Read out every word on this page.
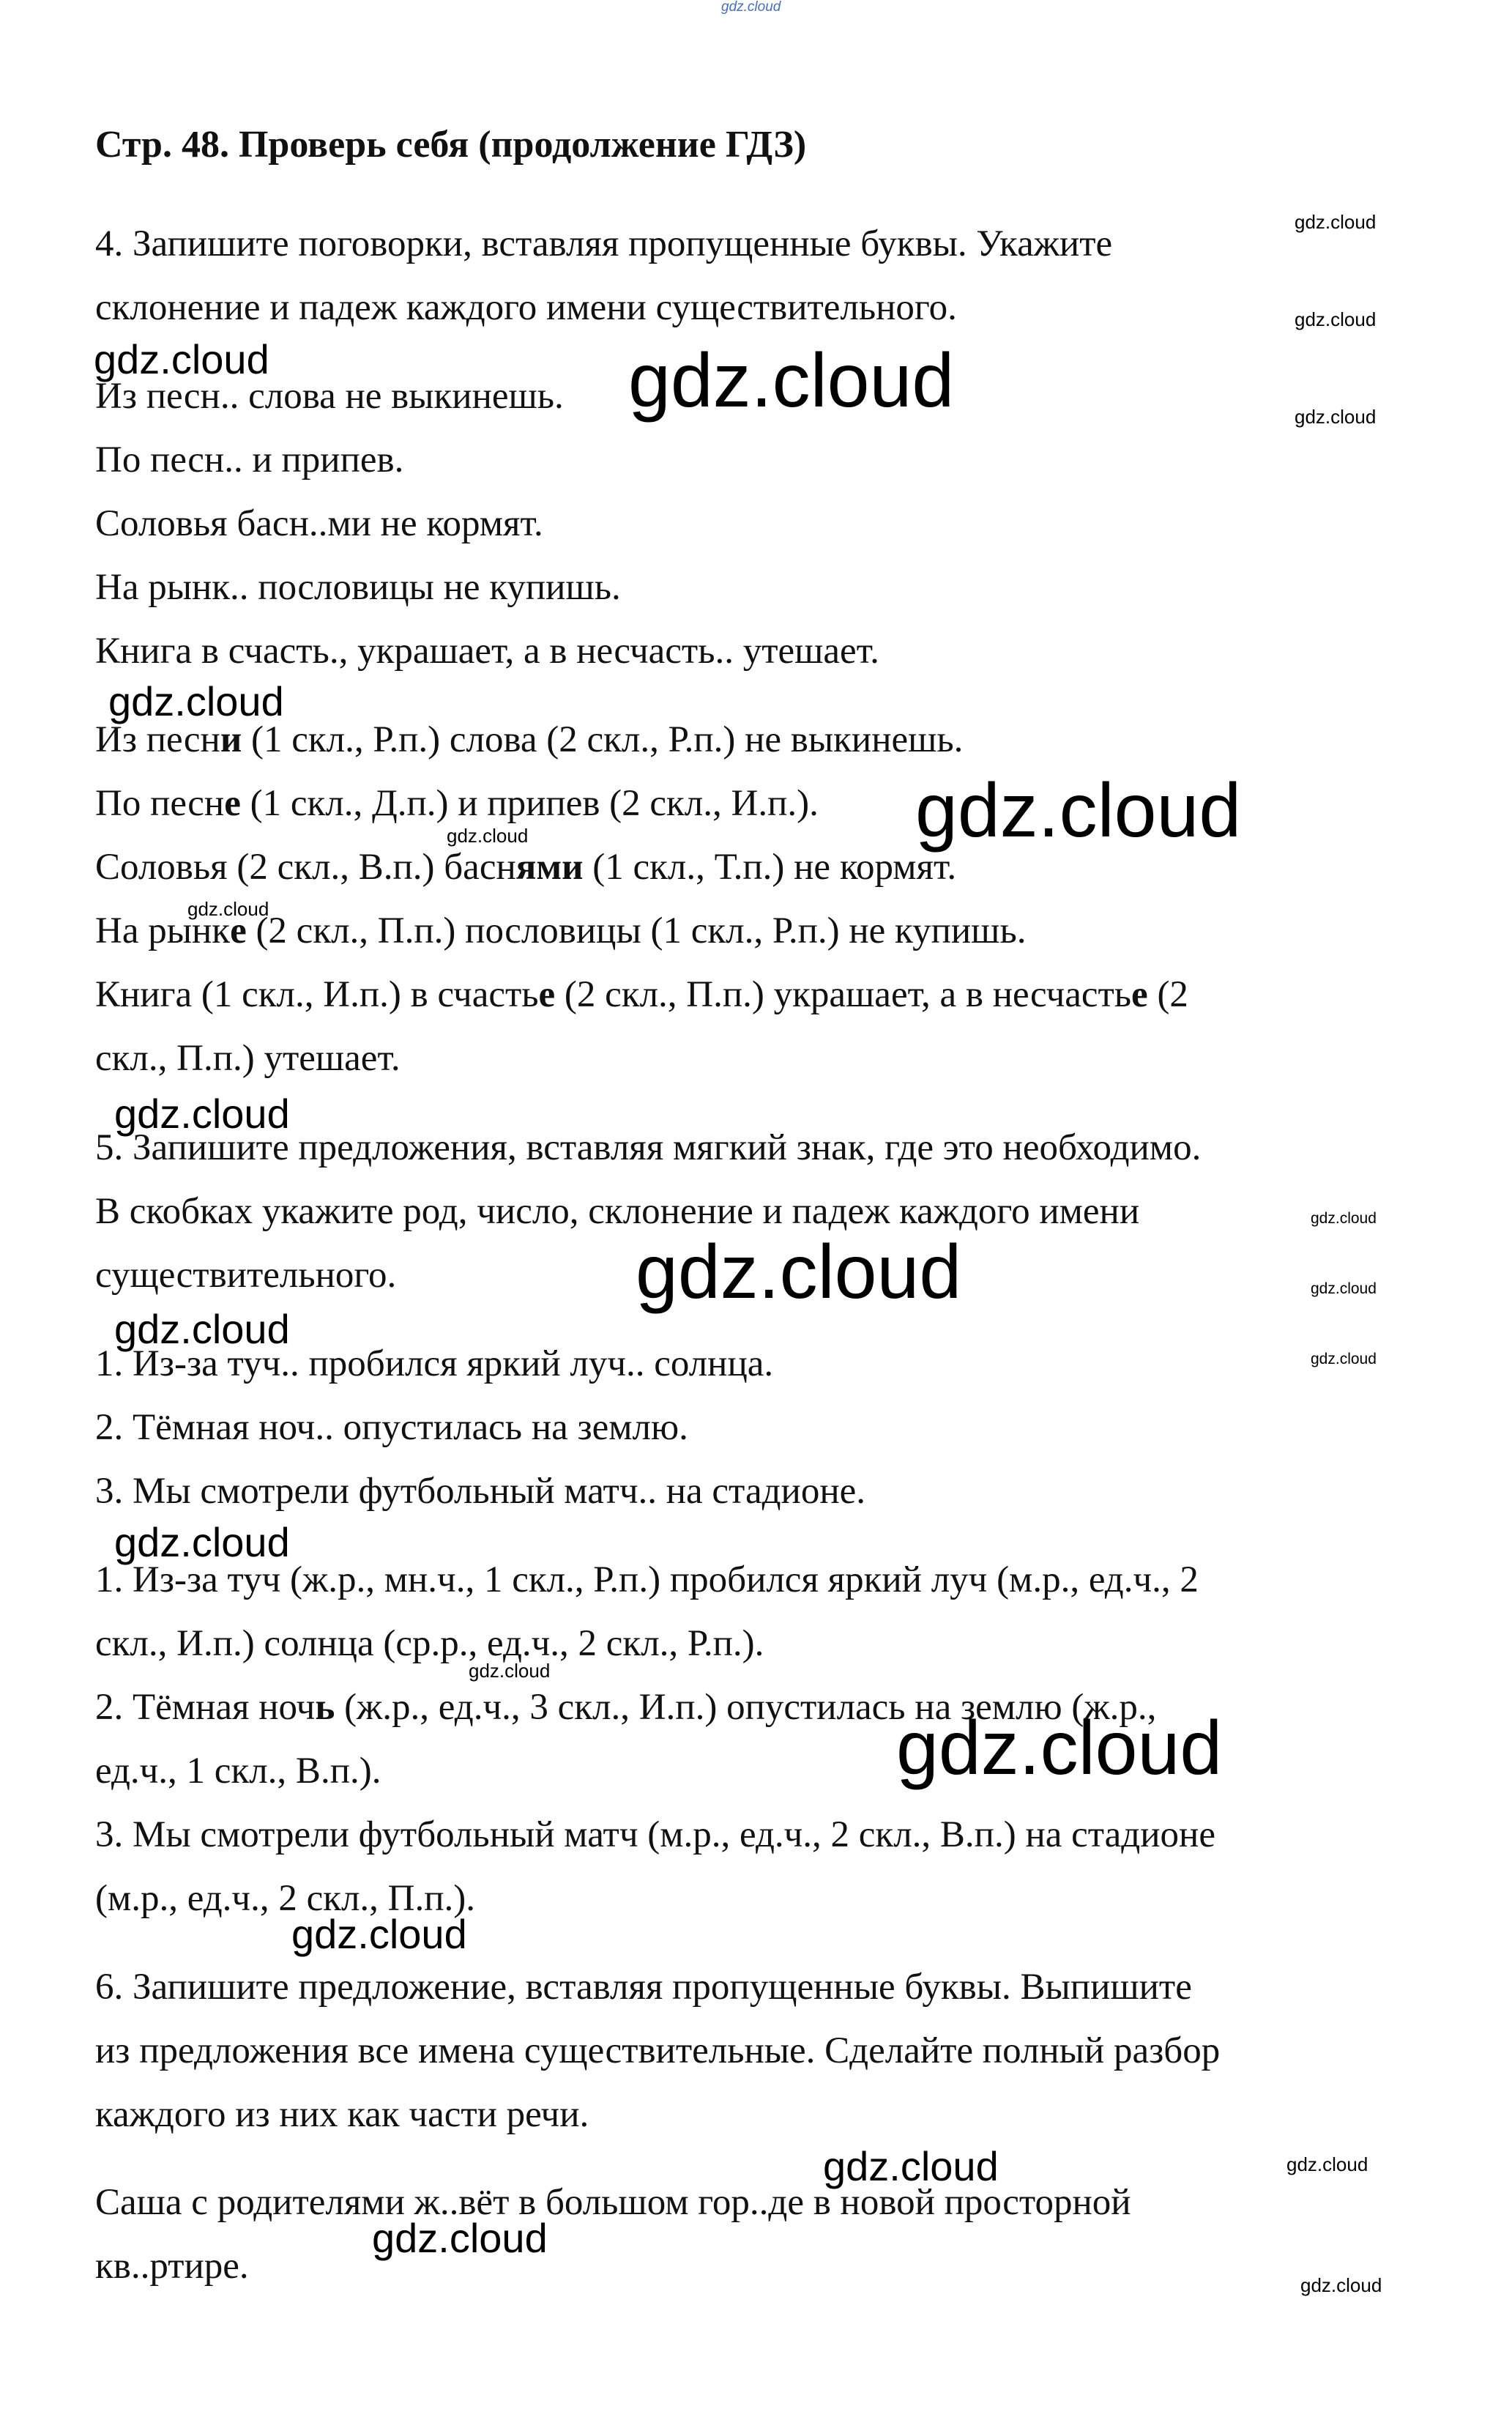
gdz.cloud
gdz.cloud
gdz.cloud
gdz.cloud	gdz.cloud	gdz.cloud
gdz.cloud
gdz.cloud
gdz.cloud
gdz.cloud
gdz.cloud
gdz.cloud
gdz.cloud	gdz.cloud
gdz.cloud
gdz.cloud
gdz.cloud
gdz.cloud
gdz.cloud
gdz.cloud
gdz.cloud	gdz.cloud
gdz.cloud
gdz.cloud
Стр. 48. Проверь себя (продолжение ГДЗ)
4. Запишите поговорки, вставляя пропущенные буквы. Укажите
склонение и падеж каждого имени существительного.
Из песн.. слова не выкинешь.
По песн.. и припев.
Соловья басн..ми не кормят.
На рынк.. пословицы не купишь.
Книга в счасть., украшает, а в несчасть.. утешает.
Из песни (1 скл., Р.п.) слова (2 скл., Р.п.) не выкинешь.
По песне (1 скл., Д.п.) и припев (2 скл., И.п.).
Соловья (2 скл., В.п.) баснями (1 скл., Т.п.) не кормят.
На рынке (2 скл., П.п.) пословицы (1 скл., Р.п.) не купишь.
Книга (1 скл., И.п.) в счастье (2 скл., П.п.) украшает, а в несчастье (2
скл., П.п.) утешает.
5. Запишите предложения, вставляя мягкий знак, где это необходимо.
В скобках укажите род, число, склонение и падеж каждого имени
существительного.
1. Из-за туч.. пробился яркий луч.. солнца.
2. Тёмная ноч.. опустилась на землю.
3. Мы смотрели футбольный матч.. на стадионе.
1. Из-за туч (ж.р., мн.ч., 1 скл., Р.п.) пробился яркий луч (м.р., ед.ч., 2
скл., И.п.) солнца (ср.р., ед.ч., 2 скл., Р.п.).
2. Тёмная ночь (ж.р., ед.ч., 3 скл., И.п.) опустилась на землю (ж.р.,
ед.ч., 1 скл., В.п.).
3. Мы смотрели футбольный матч (м.р., ед.ч., 2 скл., В.п.) на стадионе
(м.р., ед.ч., 2 скл., П.п.).
6. Запишите предложение, вставляя пропущенные буквы. Выпишите
из предложения все имена существительные. Сделайте полный разбор
каждого из них как части речи.
Саша с родителями ж..вёт в большом гор..де в новой просторной
кв..ртире.
